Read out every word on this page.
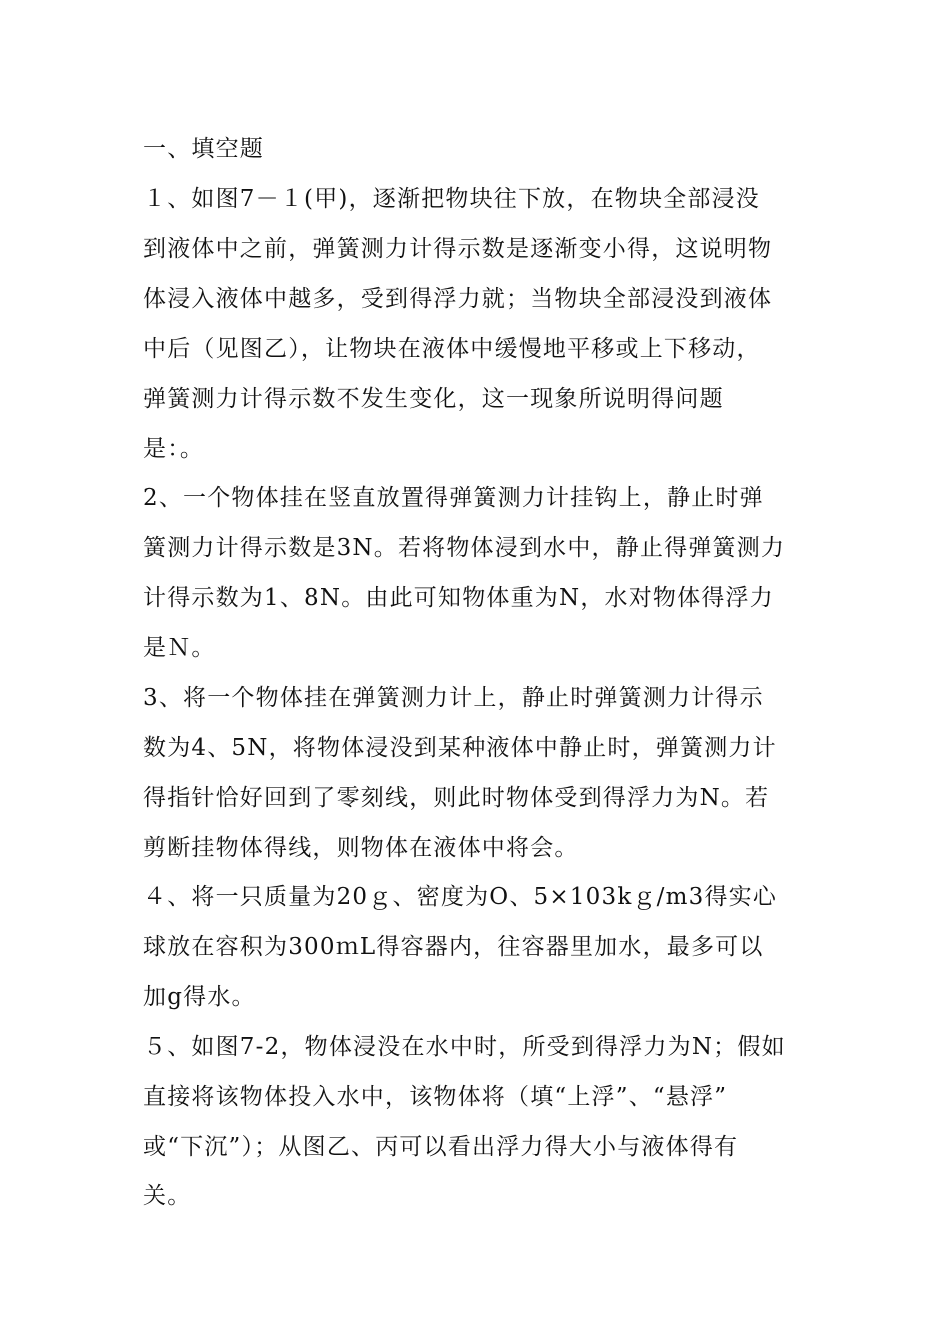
一、填空题
１、如图7－１(甲)，逐渐把物块往下放，在物块全部浸没
到液体中之前，弹簧测力计得示数是逐渐变小得，这说明物
体浸入液体中越多，受到得浮力就；当物块全部浸没到液体
中后（见图乙），让物块在液体中缓慢地平移或上下移动，
弹簧测力计得示数不发生变化，这一现象所说明得问题
是：。
2、一个物体挂在竖直放置得弹簧测力计挂钩上，静止时弹
簧测力计得示数是3N。若将物体浸到水中，静止得弹簧测力
计得示数为1、8N。由此可知物体重为N，水对物体得浮力
是Ｎ。
3、将一个物体挂在弹簧测力计上，静止时弹簧测力计得示
数为4、5N，将物体浸没到某种液体中静止时，弹簧测力计
得指针恰好回到了零刻线，则此时物体受到得浮力为N。若
剪断挂物体得线，则物体在液体中将会。
４、将一只质量为20ｇ、密度为O、5×103kｇ/m3得实心
球放在容积为300ｍL得容器内，往容器里加水，最多可以
加g得水。
５、如图7-2，物体浸没在水中时，所受到得浮力为N；假如
直接将该物体投入水中，该物体将（填“上浮”、“悬浮”
或“下沉”）；从图乙、丙可以看出浮力得大小与液体得有
关。
